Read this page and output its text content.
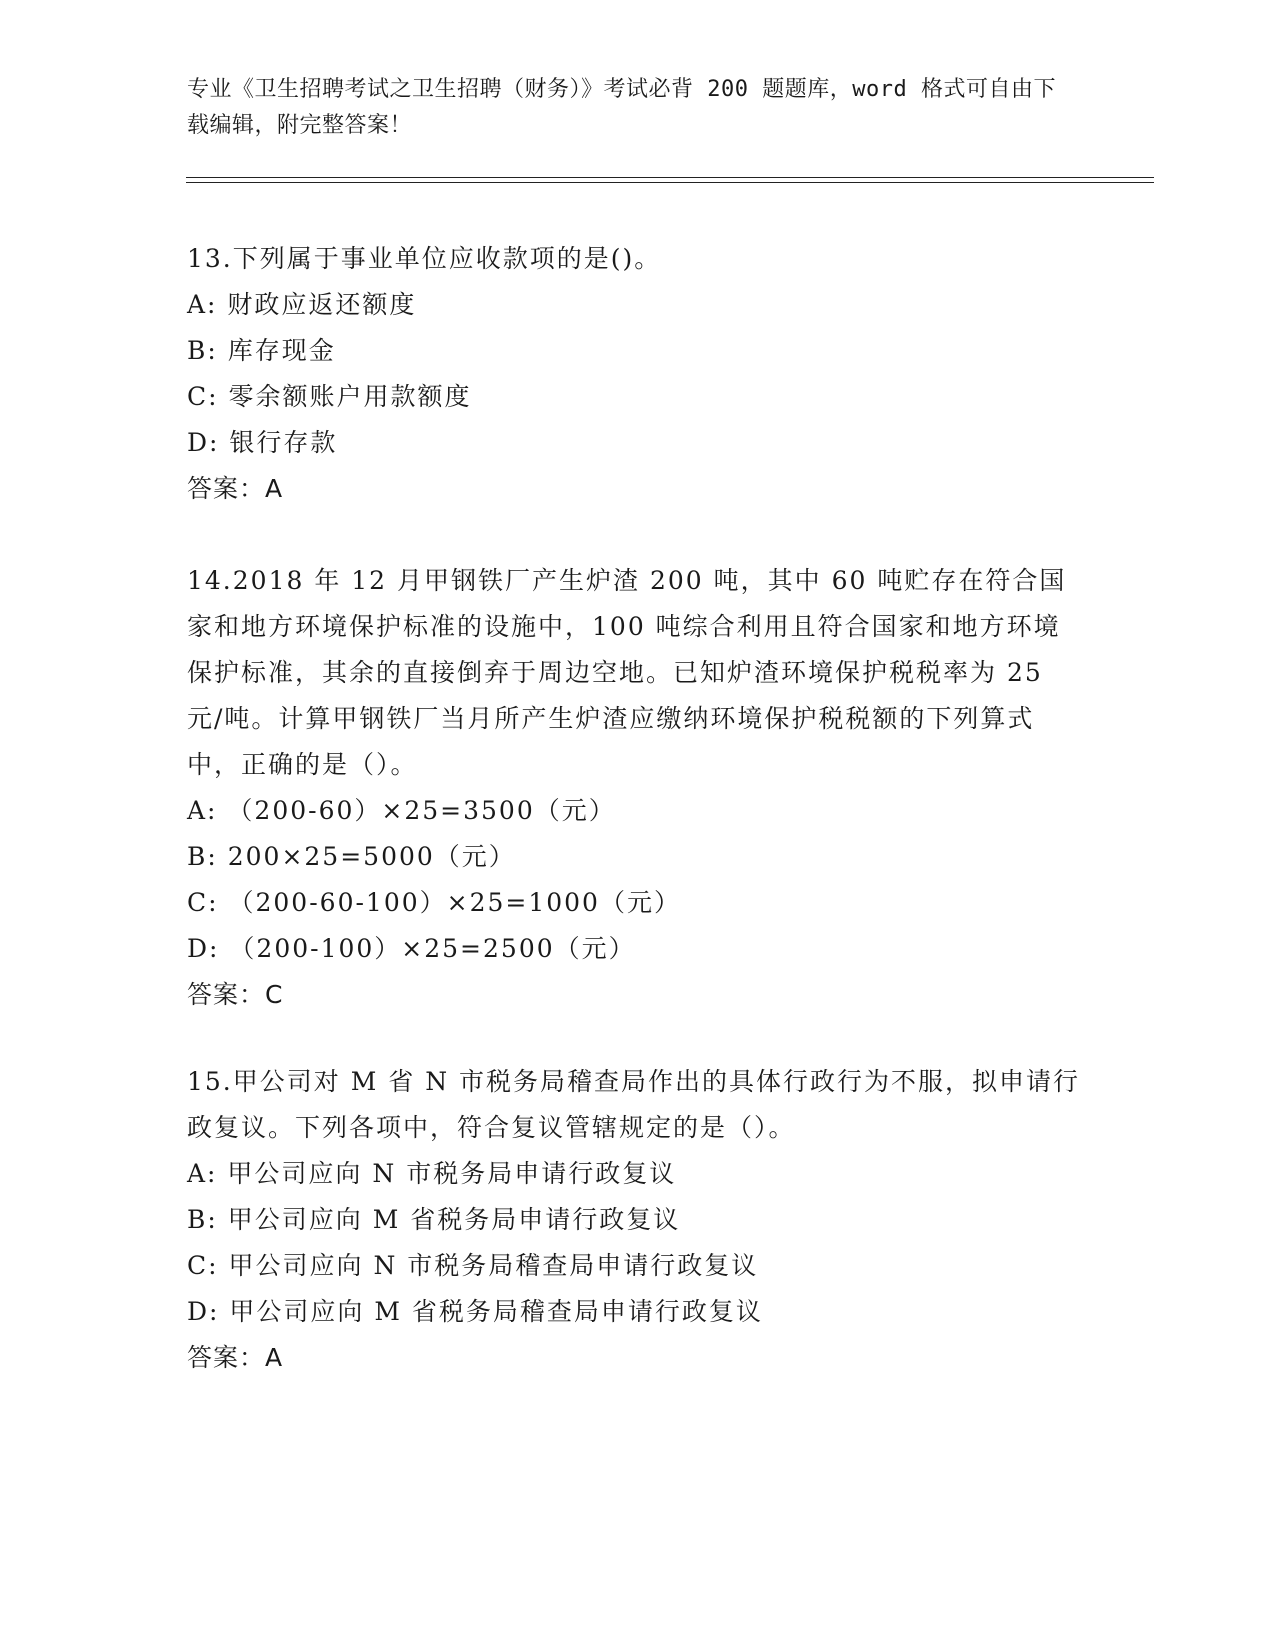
专业《卫生招聘考试之卫生招聘（财务）》考试必背 200 题题库，word 格式可自由下载编辑，附完整答案！

13.下列属于事业单位应收款项的是()。

A: 财政应返还额度

B: 库存现金

C: 零余额账户用款额度

D: 银行存款

答案：A

14.2018 年 12 月甲钢铁厂产生炉渣 200 吨，其中 60 吨贮存在符合国家和地方环境保护标准的设施中，100 吨综合利用且符合国家和地方环境保护标准，其余的直接倒弃于周边空地。已知炉渣环境保护税税率为 25 元/吨。计算甲钢铁厂当月所产生炉渣应缴纳环境保护税税额的下列算式中，正确的是（）。

A: （200-60）×25=3500（元）

B: 200×25=5000（元）

C: （200-60-100）×25=1000（元）

D: （200-100）×25=2500（元）

答案：C

15.甲公司对 M 省 N 市税务局稽查局作出的具体行政行为不服，拟申请行政复议。下列各项中，符合复议管辖规定的是（）。

A: 甲公司应向 N 市税务局申请行政复议

B: 甲公司应向 M 省税务局申请行政复议

C: 甲公司应向 N 市税务局稽查局申请行政复议

D: 甲公司应向 M 省税务局稽查局申请行政复议

答案：A
